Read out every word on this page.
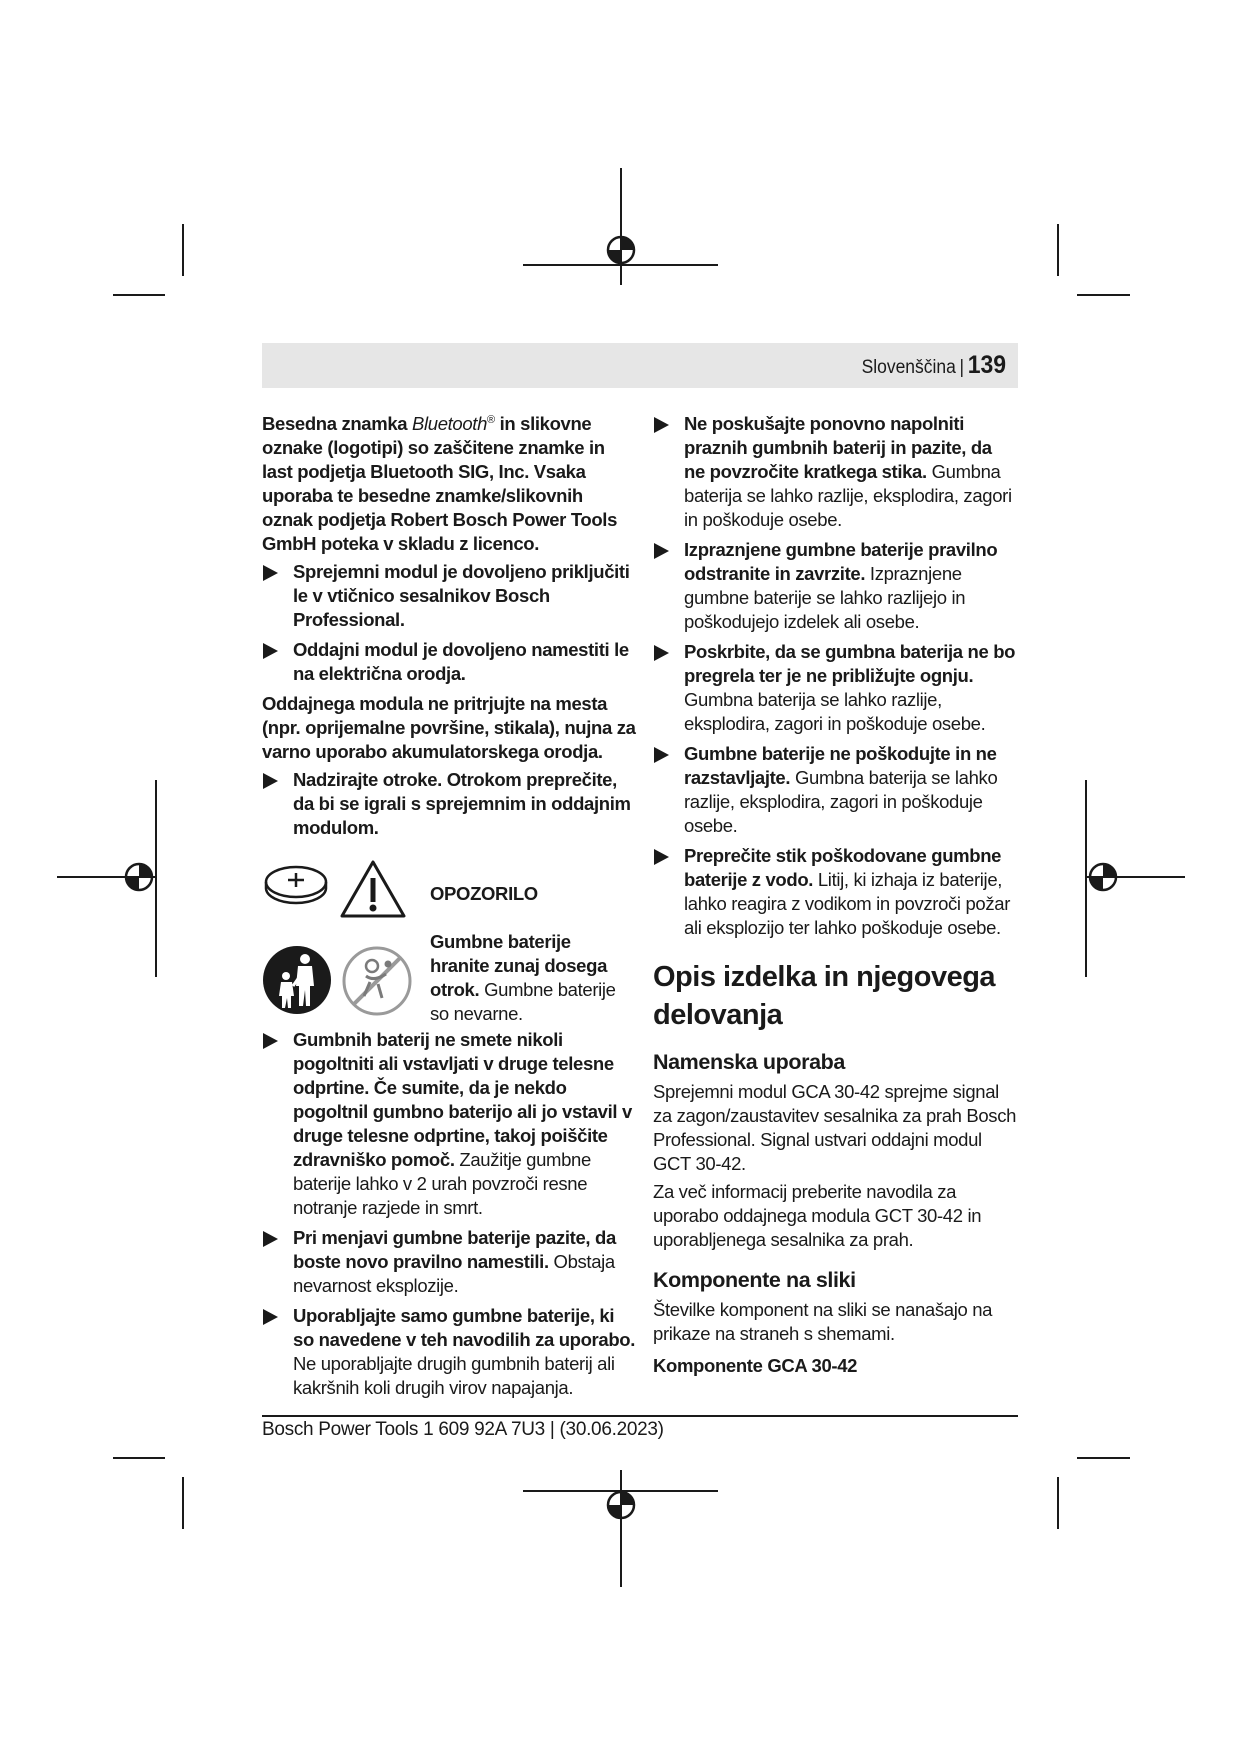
Slovenščina | 139

Besedna znamka Bluetooth® in slikovne oznake (logotipi) so zaščitene znamke in last podjetja Bluetooth SIG, Inc. Vsaka uporaba te besedne znamke/slikovnih oznak podjetja Robert Bosch Power Tools GmbH poteka v skladu z licenco.

Sprejemni modul je dovoljeno priključiti le v vtičnico sesalnikov Bosch Professional.
Oddajni modul je dovoljeno namestiti le na električna orodja.

Oddajnega modula ne pritrjujte na mesta (npr. oprijemalne površine, stikala), nujna za varno uporabo akumulatorskega orodja.

Nadzirajte otroke. Otrokom preprečite, da bi se igrali s sprejemnim in oddajnim modulom.
OPOZORILO
Gumbne baterije hranite zunaj dosega otrok. Gumbne baterije so nevarne.
Gumbnih baterij ne smete nikoli pogoltniti ali vstavljati v druge telesne odprtine. Če sumite, da je nekdo pogoltnil gumbno baterijo ali jo vstavil v druge telesne odprtine, takoj poiščite zdravniško pomoč. Zaužitje gumbne baterije lahko v 2 urah povzroči resne notranje razjede in smrt.
Pri menjavi gumbne baterije pazite, da boste novo pravilno namestili. Obstaja nevarnost eksplozije.
Uporabljajte samo gumbne baterije, ki so navedene v teh navodilih za uporabo. Ne uporabljajte drugih gumbnih baterij ali kakršnih koli drugih virov napajanja.
Ne poskušajte ponovno napolniti praznih gumbnih baterij in pazite, da ne povzročite kratkega stika. Gumbna baterija se lahko razlije, eksplodira, zagori in poškoduje osebe.
Izpraznjene gumbne baterije pravilno odstranite in zavrzite. Izpraznjene gumbne baterije se lahko razlijejo in poškodujejo izdelek ali osebe.
Poskrbite, da se gumbna baterija ne bo pregrela ter je ne približujte ognju. Gumbna baterija se lahko razlije, eksplodira, zagori in poškoduje osebe.
Gumbne baterije ne poškodujte in ne razstavljajte. Gumbna baterija se lahko razlije, eksplodira, zagori in poškoduje osebe.
Preprečite stik poškodovane gumbne baterije z vodo. Litij, ki izhaja iz baterije, lahko reagira z vodikom in povzroči požar ali eksplozijo ter lahko poškoduje osebe.
Opis izdelka in njegovega delovanja
Namenska uporaba

Sprejemni modul GCA 30-42 sprejme signal za zagon/zaustavitev sesalnika za prah Bosch Professional. Signal ustvari oddajni modul GCT 30-42.

Za več informacij preberite navodila za uporabo oddajnega modula GCT 30-42 in uporabljenega sesalnika za prah.

Komponente na sliki

Številke komponent na sliki se nanašajo na prikaze na straneh s shemami.

Komponente GCA 30-42

Bosch Power Tools 1 609 92A 7U3 | (30.06.2023)
